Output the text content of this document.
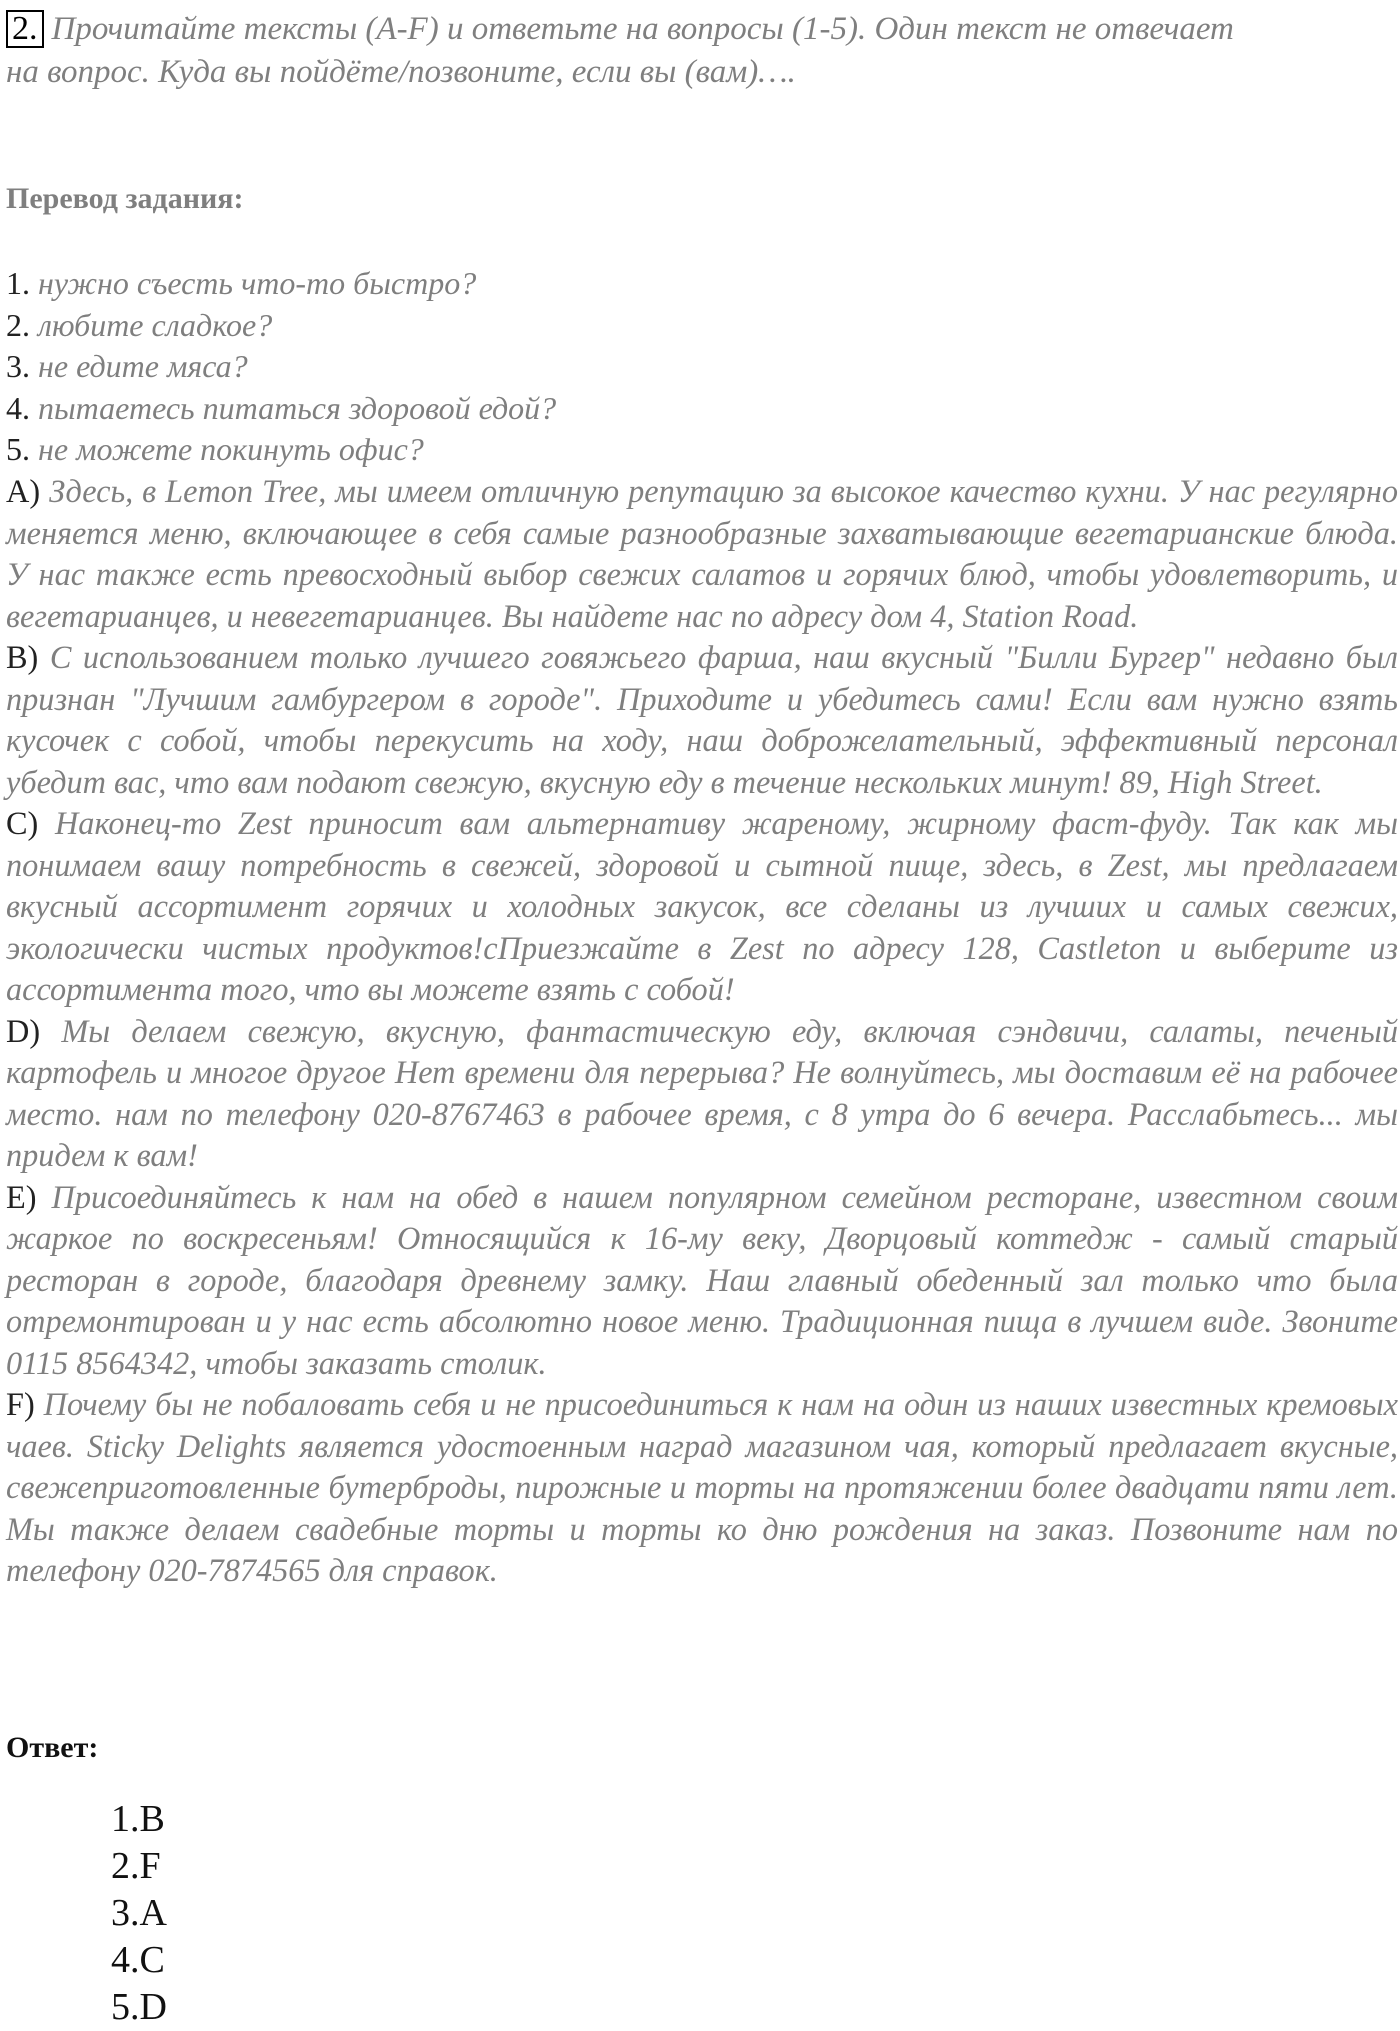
2. Прочитайте тексты (A-F) и ответьте на вопросы (1-5). Один текст не отвечает

на вопрос. Куда вы пойдёте/позвоните, если вы (вам)….

Перевод задания:

1. нужно съесть что-то быстро?
2. любите сладкое?
3. не едите мяса?
4. пытаетесь питаться здоровой едой?
5. не можете покинуть офис?

A) Здесь, в Lemon Tree, мы имеем отличную репутацию за высокое качество кухни. У нас регулярно меняется меню, включающее в себя самые разнообразные захватывающие вегетарианские блюда. У нас также есть превосходный выбор свежих салатов и горячих блюд, чтобы удовлетворить, и вегетарианцев, и невегетарианцев. Вы найдете нас по адресу дом 4, Station Road.

B) С использованием только лучшего говяжьего фарша, наш вкусный "Билли Бургер" недавно был признан "Лучшим гамбургером в городе". Приходите и убедитесь сами! Если вам нужно взять кусочек с собой, чтобы перекусить на ходу, наш доброжелательный, эффективный персонал убедит вас, что вам подают свежую, вкусную еду в течение нескольких минут! 89, High Street.

C) Наконец-то Zest приносит вам альтернативу жареному, жирному фаст-фуду. Так как мы понимаем вашу потребность в свежей, здоровой и сытной пище, здесь, в Zest, мы предлагаем вкусный ассортимент горячих и холодных закусок, все сделаны из лучших и самых свежих, экологически чистых продуктов!сПриезжайте в Zest по адресу 128, Castleton и выберите из ассортимента того, что вы можете взять с собой!

D) Мы делаем свежую, вкусную, фантастическую еду, включая сэндвичи, салаты, печеный картофель и многое другое Нет времени для перерыва? Не волнуйтесь, мы доставим её на рабочее место. нам по телефону 020-8767463 в рабочее время, с 8 утра до 6 вечера. Расслабьтесь... мы придем к вам!

E) Присоединяйтесь к нам на обед в нашем популярном семейном ресторане, известном своим жаркое по воскресеньям! Относящийся к 16-му веку, Дворцовый коттедж - самый старый ресторан в городе, благодаря древнему замку. Наш главный обеденный зал только что была отремонтирован и у нас есть абсолютно новое меню. Традиционная пища в лучшем виде. Звоните 0115 8564342, чтобы заказать столик.

F) Почему бы не побаловать себя и не присоединиться к нам на один из наших известных кремовых чаев. Sticky Delights является удостоенным наград магазином чая, который предлагает вкусные, свежеприготовленные бутерброды, пирожные и торты на протяжении более двадцати пяти лет. Мы также делаем свадебные торты и торты ко дню рождения на заказ. Позвоните нам по телефону 020-7874565 для справок.

Ответ:

1.B
2.F
3.A
4.C
5.D
